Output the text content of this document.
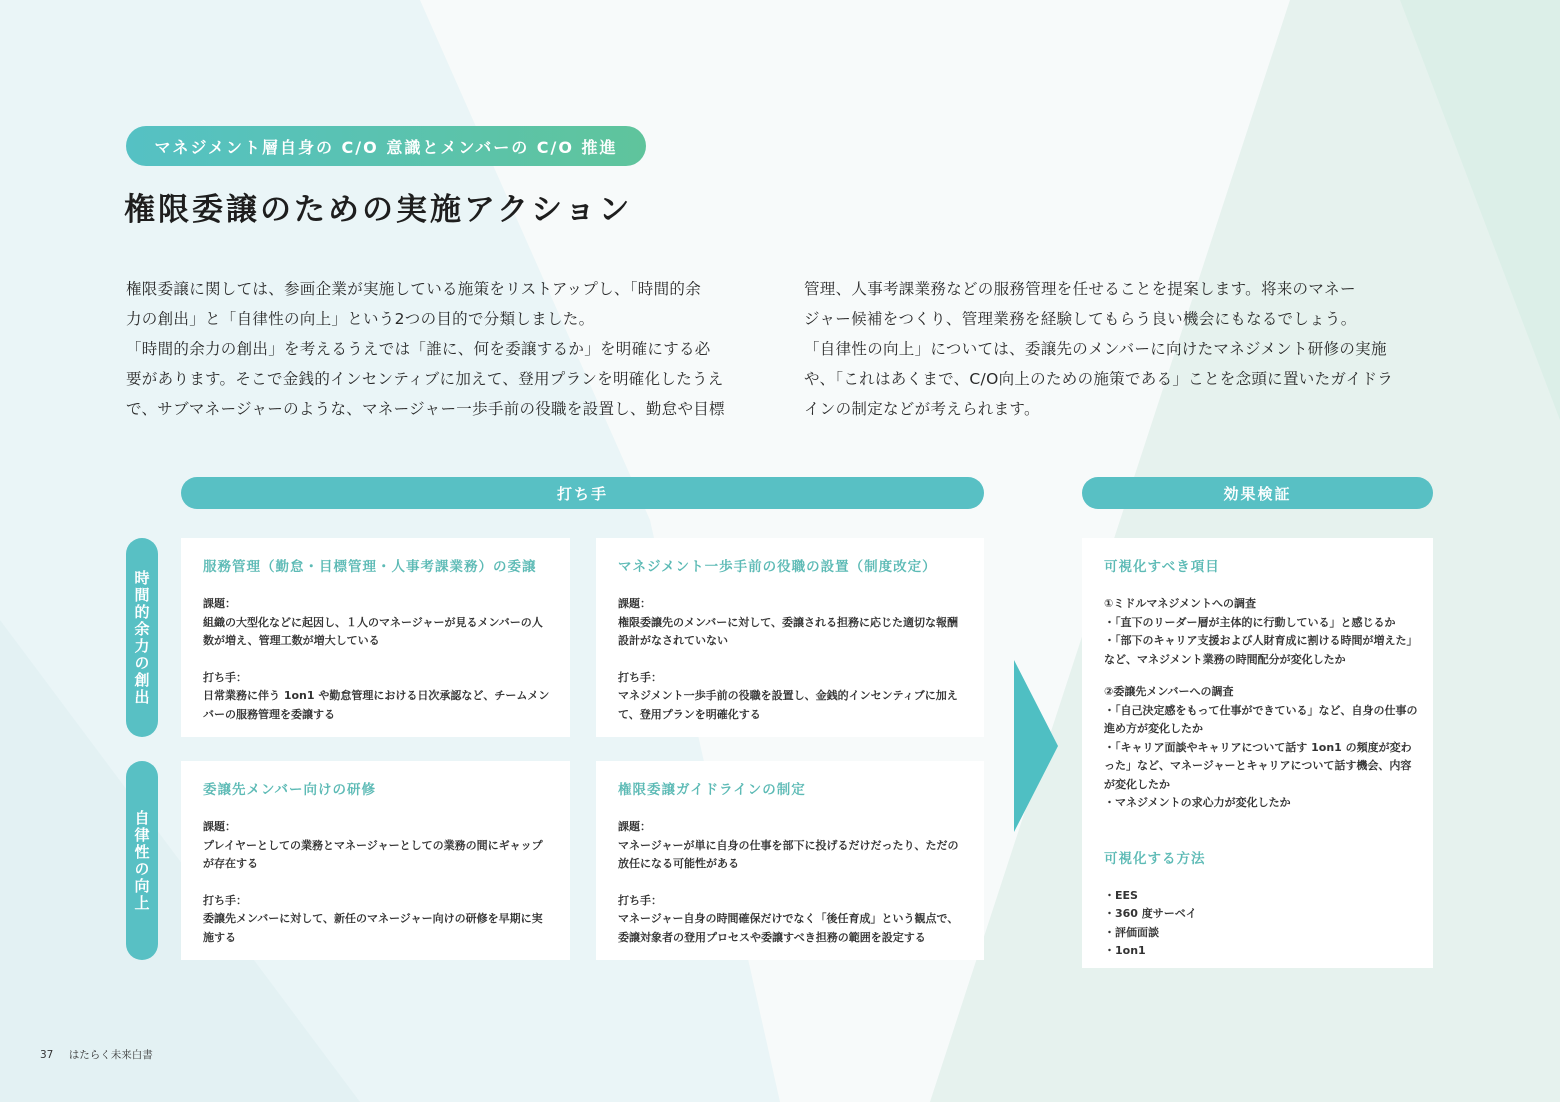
マネジメント層自身の C/O 意識とメンバーの C/O 推進
権限委譲のための実施アクション

権限委譲に関しては、参画企業が実施している施策をリストアップし、「時間的余

力の創出」と「自律性の向上」という2つの目的で分類しました。

「時間的余力の創出」を考えるうえでは「誰に、何を委譲するか」を明確にする必

要があります。そこで金銭的インセンティブに加えて、登用プランを明確化したうえ

で、サブマネージャーのような、マネージャー一歩手前の役職を設置し、勤怠や目標

管理、人事考課業務などの服務管理を任せることを提案します。将来のマネー

ジャー候補をつくり、管理業務を経験してもらう良い機会にもなるでしょう。

「自律性の向上」については、委譲先のメンバーに向けたマネジメント研修の実施

や、「これはあくまで、C/O向上のための施策である」ことを念頭に置いたガイドラ

インの制定などが考えられます。

打ち手	効果検証
時間的余力の創出
自律性の向上
服務管理（勤怠・目標管理・人事考課業務）の委譲
課題：
組織の大型化などに起因し、１人のマネージャーが見るメンバーの人数が増え、管理工数が増大している
打ち手：
日常業務に伴う 1on1 や勤怠管理における日次承認など、チームメンバーの服務管理を委譲する
マネジメント一歩手前の役職の設置（制度改定）
課題：
権限委譲先のメンバーに対して、委譲される担務に応じた適切な報酬設計がなされていない
打ち手：
マネジメント一歩手前の役職を設置し、金銭的インセンティブに加えて、登用プランを明確化する
委譲先メンバー向けの研修
課題：
プレイヤーとしての業務とマネージャーとしての業務の間にギャップが存在する
打ち手：
委譲先メンバーに対して、新任のマネージャー向けの研修を早期に実施する
権限委譲ガイドラインの制定
課題：
マネージャーが単に自身の仕事を部下に投げるだけだったり、ただの放任になる可能性がある
打ち手：
マネージャー自身の時間確保だけでなく「後任育成」という観点で、委譲対象者の登用プロセスや委譲すべき担務の範囲を設定する
可視化すべき項目
①ミドルマネジメントへの調査
・「直下のリーダー層が主体的に行動している」と感じるか
・「部下のキャリア支援および人財育成に割ける時間が増えた」など、マネジメント業務の時間配分が変化したか
②委譲先メンバーへの調査
・「自己決定感をもって仕事ができている」など、自身の仕事の進め方が変化したか
・「キャリア面談やキャリアについて話す 1on1 の頻度が変わった」など、マネージャーとキャリアについて話す機会、内容が変化したか
・マネジメントの求心力が変化したか
可視化する方法
・EES
・360 度サーベイ
・評価面談
・1on1
37 はたらく未来白書
